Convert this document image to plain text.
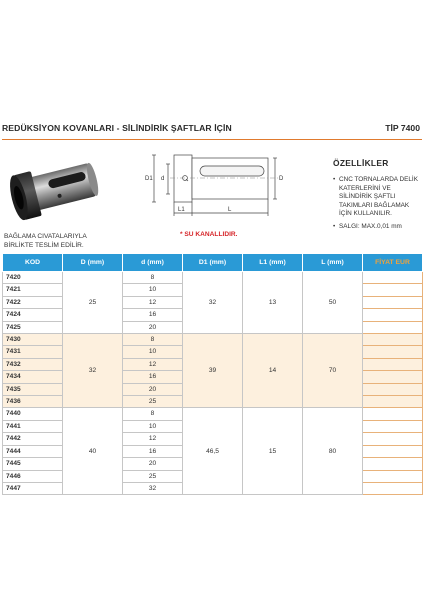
REDÜKSİYON KOVANLARI - SİLİNDİRİK ŞAFTLAR İÇİN	TİP 7400
BAĞLAMA CIVATALARIYLA
BİRLİKTE TESLİM EDİLİR.
D1 d	D
L1	L
* SU KANALLIDIR.
ÖZELLİKLER
• CNC TORNALARDA DELİK KATERLERİNİ VE SİLİNDİRİK ŞAFTLI TAKIMLARI BAĞLAMAK İÇİN KULLANILIR.
• SALGI: MAX.0,01 mm
KOD	D (mm)	d (mm)	D1 (mm)	L1 (mm)	L (mm)	FİYAT EUR
7420	25	8	32	13	50	
7421		10				
7422		12				
7424		16				
7425		20				
7430	32	8	39	14	70	
7431		10				
7432		12				
7434		16				
7435		20				
7436		25				
7440	40	8	46,5	15	80	
7441		10				
7442		12				
7444		16				
7445		20				
7446		25				
7447		32				
